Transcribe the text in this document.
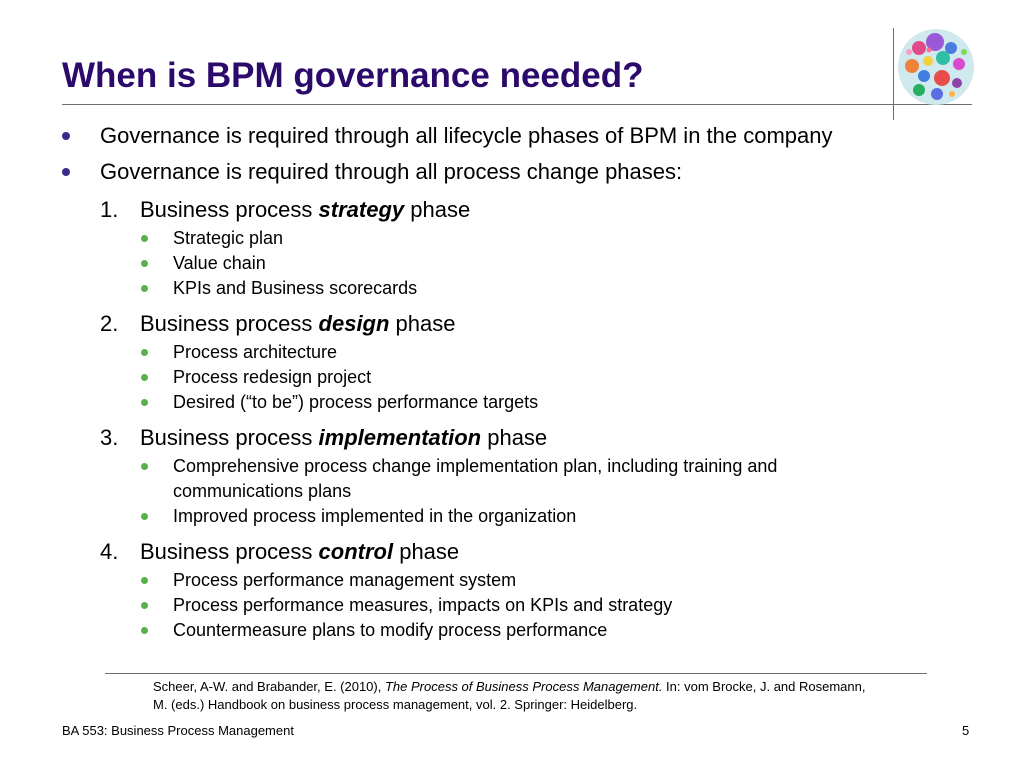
When is BPM governance needed?
Governance is required through all lifecycle phases of BPM in the company
Governance is required through all process change phases:
1. Business process strategy phase
Strategic plan
Value chain
KPIs and Business scorecards
2. Business process design phase
Process architecture
Process redesign project
Desired (“to be”) process performance targets
3. Business process implementation phase
Comprehensive process change implementation plan, including training and communications plans
Improved process implemented in the organization
4. Business process control phase
Process performance management system
Process performance measures, impacts on KPIs and strategy
Countermeasure plans to modify process performance
Scheer, A-W. and Brabander, E. (2010), The Process of Business Process Management. In: vom Brocke, J. and Rosemann, M. (eds.) Handbook on business process management, vol. 2. Springer: Heidelberg.
BA 553: Business Process Management	5
